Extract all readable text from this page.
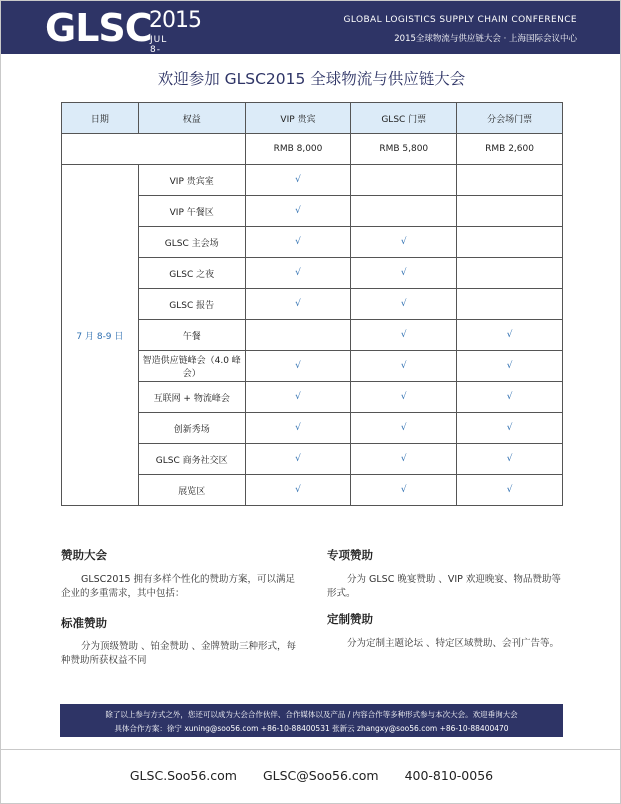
GLSC
2015
JUL 8-9
GLOBAL LOGISTICS SUPPLY CHAIN CONFERENCE
2015全球物流与供应链大会 · 上海国际会议中心
欢迎参加 GLSC2015 全球物流与供应链大会
日期	权益	VIP 贵宾	GLSC 门票	分会场门票
		RMB 8,000	RMB 5,800	RMB 2,600
7 月 8-9 日	VIP 贵宾室	√		
	VIP 午餐区	√		
	GLSC 主会场	√	√	
	GLSC 之夜	√	√	
	GLSC 报告	√	√	
	午餐		√	√
	智造供应链峰会（4.0 峰会）	√	√	√
	互联网 + 物流峰会	√	√	√
	创新秀场	√	√	√
	GLSC 商务社交区	√	√	√
	展览区	√	√	√
赞助大会
GLSC2015 拥有多样个性化的赞助方案，可以满足企业的多重需求，其中包括：
标准赞助
分为顶级赞助 、铂金赞助 、金牌赞助三种形式，每种赞助所获权益不同
专项赞助
分为 GLSC 晚宴赞助 、VIP 欢迎晚宴、物品赞助等形式。
定制赞助
分为定制主题论坛 、特定区域赞助、会刊广告等。
除了以上参与方式之外，您还可以成为大会合作伙伴、合作媒体以及产品 / 内容合作等多种形式参与本次大会。欢迎垂询大会
具体合作方案：徐宁 xuning@soo56.com +86-10-88400531 张新云 zhangxy@soo56.com +86-10-88400470
GLSC.Soo56.com GLSC@Soo56.com 400-810-0056
